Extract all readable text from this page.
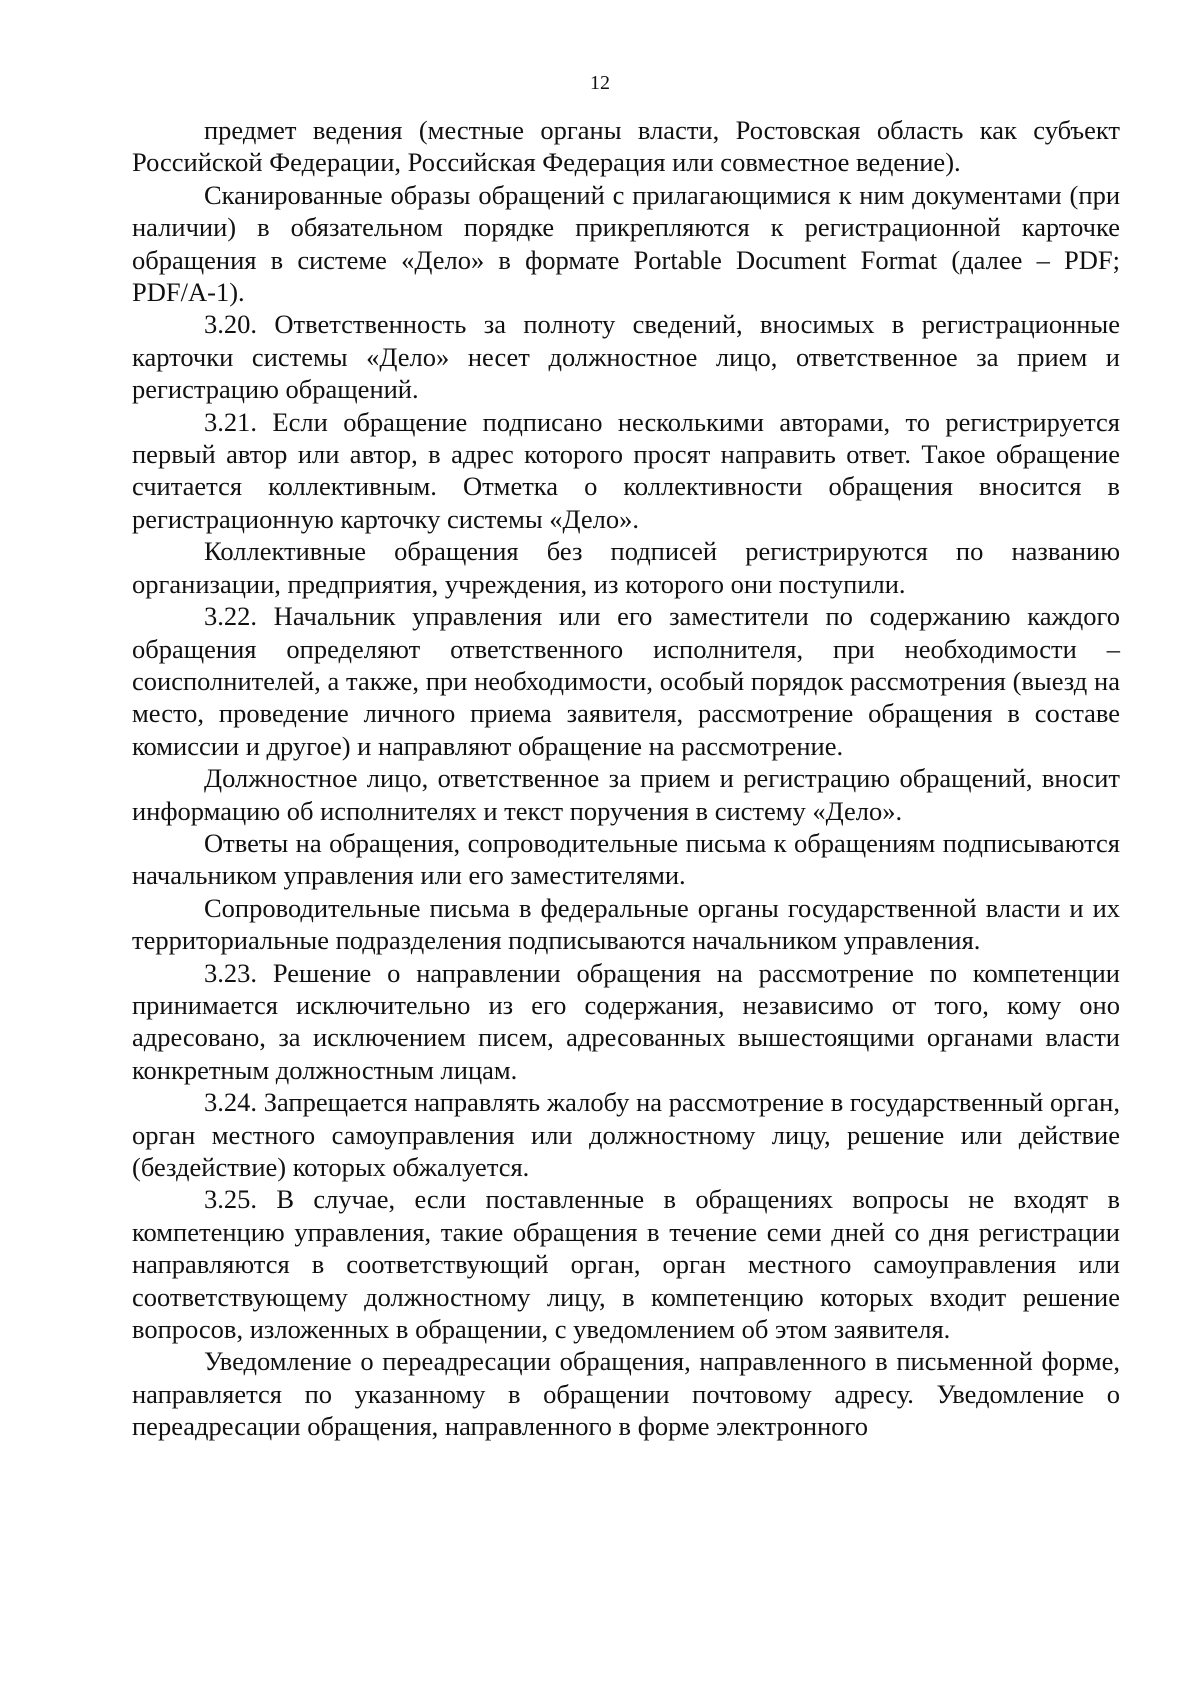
12

предмет ведения (местные органы власти, Ростовская область как субъект Российской Федерации, Российская Федерация или совместное ведение).

Сканированные образы обращений с прилагающимися к ним документами (при наличии) в обязательном порядке прикрепляются к регистрационной карточке обращения в системе «Дело» в формате Portable Document Format (далее – PDF; PDF/A-1).

3.20. Ответственность за полноту сведений, вносимых в регистрационные карточки системы «Дело» несет должностное лицо, ответственное за прием и регистрацию обращений.

3.21. Если обращение подписано несколькими авторами, то регистрируется первый автор или автор, в адрес которого просят направить ответ. Такое обращение считается коллективным. Отметка о коллективности обращения вносится в регистрационную карточку системы «Дело».

Коллективные обращения без подписей регистрируются по названию организации, предприятия, учреждения, из которого они поступили.

3.22. Начальник управления или его заместители по содержанию каждого обращения определяют ответственного исполнителя, при необходимости – соисполнителей, а также, при необходимости, особый порядок рассмотрения (выезд на место, проведение личного приема заявителя, рассмотрение обращения в составе комиссии и другое) и направляют обращение на рассмотрение.

Должностное лицо, ответственное за прием и регистрацию обращений, вносит информацию об исполнителях и текст поручения в систему «Дело».

Ответы на обращения, сопроводительные письма к обращениям подписываются начальником управления или его заместителями.

Сопроводительные письма в федеральные органы государственной власти и их территориальные подразделения подписываются начальником управления.

3.23. Решение о направлении обращения на рассмотрение по компетенции принимается исключительно из его содержания, независимо от того, кому оно адресовано, за исключением писем, адресованных вышестоящими органами власти конкретным должностным лицам.

3.24. Запрещается направлять жалобу на рассмотрение в государственный орган, орган местного самоуправления или должностному лицу, решение или действие (бездействие) которых обжалуется.

3.25. В случае, если поставленные в обращениях вопросы не входят в компетенцию управления, такие обращения в течение семи дней со дня регистрации направляются в соответствующий орган, орган местного самоуправления или соответствующему должностному лицу, в компетенцию которых входит решение вопросов, изложенных в обращении, с уведомлением об этом заявителя.

Уведомление о переадресации обращения, направленного в письменной форме, направляется по указанному в обращении почтовому адресу. Уведомление о переадресации обращения, направленного в форме электронного
